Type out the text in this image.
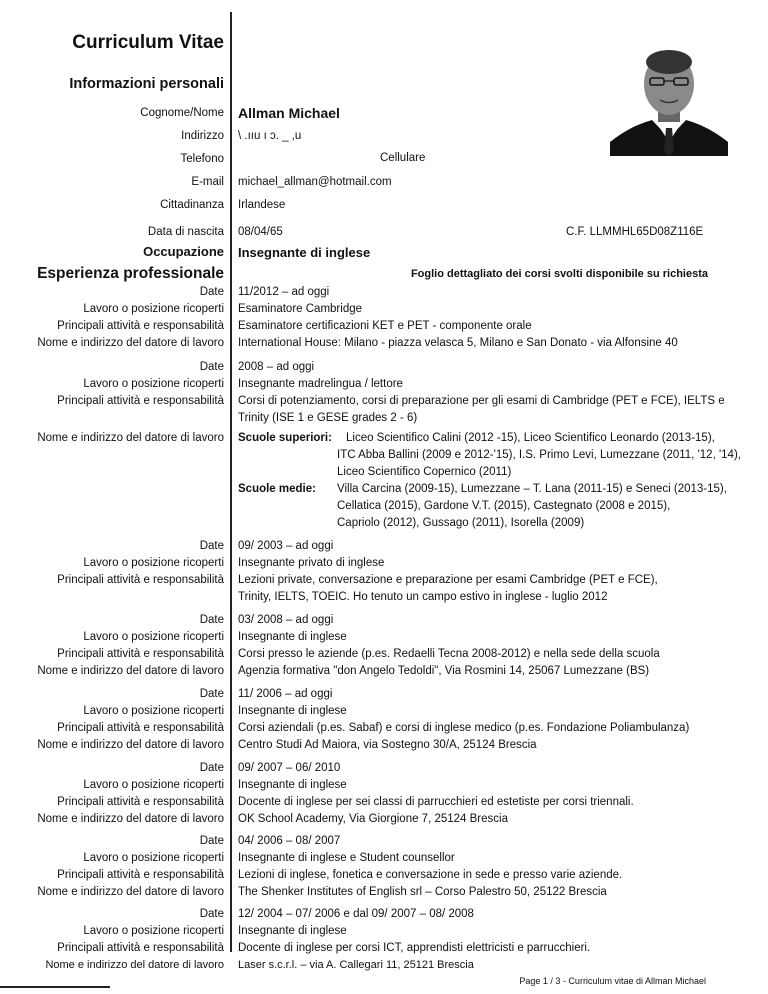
Curriculum Vitae
Informazioni personali
Cognome/Nome Allman Michael
Indirizzo \ .ııu ı ɔ. _ ,u
Telefono	Cellulare
E-mail michael_allman@hotmail.com
Cittadinanza Irlandese
Data di nascita 08/04/65	C.F. LLMMHL65D08Z116E
Occupazione Insegnante di inglese
Esperienza professionale	Foglio dettagliato dei corsi svolti disponibile su richiesta
Date 11/2012 – ad oggi
Lavoro o posizione ricoperti Esaminatore Cambridge
Principali attività e responsabilità Esaminatore certificazioni KET e PET - componente orale
Nome e indirizzo del datore di lavoro International House: Milano - piazza velasca 5, Milano e San Donato - via Alfonsine 40
Date 2008 – ad oggi
Lavoro o posizione ricoperti Insegnante madrelingua / lettore
Principali attività e responsabilità Corsi di potenziamento, corsi di preparazione per gli esami di Cambridge (PET e FCE), IELTS e
Trinity (ISE 1 e GESE grades 2 - 6)
Nome e indirizzo del datore di lavoro Scuole superiori: Liceo Scientifico Calini (2012 -15), Liceo Scientifico Leonardo (2013-15),
ITC Abba Ballini (2009 e 2012-'15), I.S. Primo Levi, Lumezzane (2011, '12, '14),
Liceo Scientifico Copernico (2011)
Scuole medie: Villa Carcina (2009-15), Lumezzane – T. Lana (2011-15) e Seneci (2013-15),
Cellatica (2015), Gardone V.T. (2015), Castegnato (2008 e 2015),
Capriolo (2012), Gussago (2011), Isorella (2009)
Date 09/ 2003 – ad oggi
Lavoro o posizione ricoperti Insegnante privato di inglese
Principali attività e responsabilità Lezioni private, conversazione e preparazione per esami Cambridge (PET e FCE),
Trinity, IELTS, TOEIC. Ho tenuto un campo estivo in inglese - luglio 2012
Date 03/ 2008 – ad oggi
Lavoro o posizione ricoperti Insegnante di inglese
Principali attività e responsabilità Corsi presso le aziende (p.es. Redaelli Tecna 2008-2012) e nella sede della scuola
Nome e indirizzo del datore di lavoro Agenzia formativa "don Angelo Tedoldi", Via Rosmini 14, 25067 Lumezzane (BS)
Date 11/ 2006 – ad oggi
Lavoro o posizione ricoperti Insegnante di inglese
Principali attività e responsabilità Corsi aziendali (p.es. Sabaf) e corsi di inglese medico (p.es. Fondazione Poliambulanza)
Nome e indirizzo del datore di lavoro Centro Studi Ad Maiora, via Sostegno 30/A, 25124 Brescia
Date 09/ 2007 – 06/ 2010
Lavoro o posizione ricoperti Insegnante di inglese
Principali attività e responsabilità Docente di inglese per sei classi di parrucchieri ed estetiste per corsi triennali.
Nome e indirizzo del datore di lavoro OK School Academy, Via Giorgione 7, 25124 Brescia
Date 04/ 2006 – 08/ 2007
Lavoro o posizione ricoperti Insegnante di inglese e Student counsellor
Principali attività e responsabilità Lezioni di inglese, fonetica e conversazione in sede e presso varie aziende.
Nome e indirizzo del datore di lavoro The Shenker Institutes of English srl – Corso Palestro 50, 25122 Brescia
Date 12/ 2004 – 07/ 2006 e dal 09/ 2007 – 08/ 2008
Lavoro o posizione ricoperti Insegnante di inglese
Principali attività e responsabilità Docente di inglese per corsi ICT, apprendisti elettricisti e parrucchieri.
Nome e indirizzo del datore di lavoro Laser s.c.r.l. – via A. Callegari 11, 25121 Brescia
Page 1 / 3 - Curriculum vitae di Allman Michael
